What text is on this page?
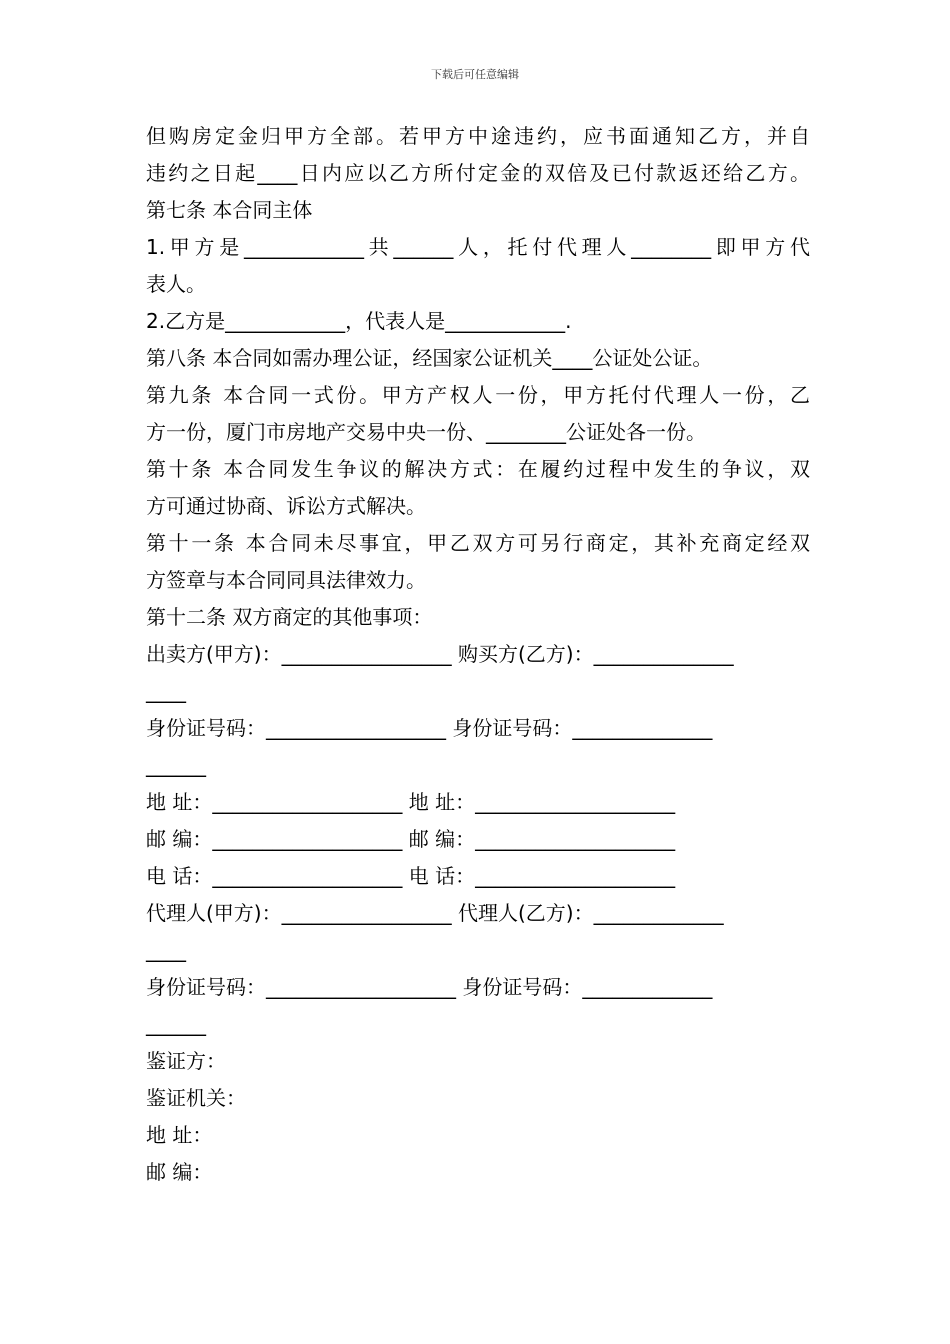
下载后可任意编辑
但购房定金归甲方全部。若甲方中途违约，应书面通知乙方，并自
违约之日起____日内应以乙方所付定金的双倍及已付款返还给乙方。
第七条 本合同主体
1.甲方是____________共______人，托付代理人________即甲方代
表人。
2.乙方是____________，代表人是____________.
第八条 本合同如需办理公证，经国家公证机关____公证处公证。
第九条 本合同一式份。甲方产权人一份，甲方托付代理人一份，乙
方一份，厦门市房地产交易中央一份、________公证处各一份。
第十条 本合同发生争议的解决方式：在履约过程中发生的争议，双
方可通过协商、诉讼方式解决。
第十一条 本合同未尽事宜，甲乙双方可另行商定，其补充商定经双
方签章与本合同同具法律效力。
第十二条 双方商定的其他事项：
出卖方(甲方)：_________________ 购买方(乙方)：______________
____
身份证号码：__________________ 身份证号码：______________
______
地 址：___________________ 地 址：____________________
邮 编：___________________ 邮 编：____________________
电 话：___________________ 电 话：____________________
代理人(甲方)：_________________ 代理人(乙方)：_____________
____
身份证号码：___________________ 身份证号码：_____________
______
鉴证方：
鉴证机关：
地 址：
邮 编：
